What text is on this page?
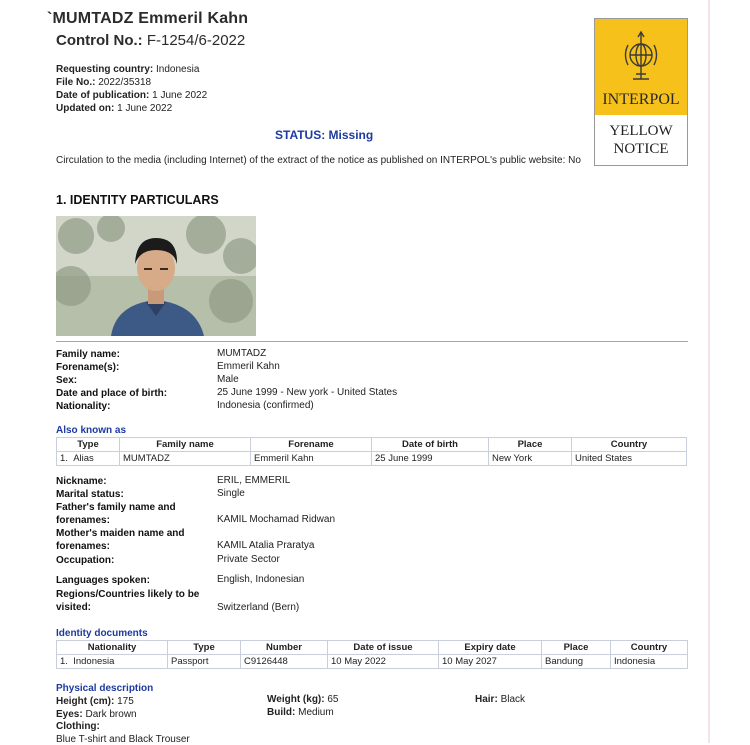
`MUMTADZ Emmeril Kahn
Control No.: F-1254/6-2022
Requesting country: Indonesia
File No.: 2022/35318
Date of publication: 1 June 2022
Updated on: 1 June 2022
STATUS: Missing
Circulation to the media (including Internet) of the extract of the notice as published on INTERPOL's public website: No
INTERPOL
YELLOW
NOTICE
1. IDENTITY PARTICULARS
Family name:	MUMTADZ
Forename(s):	Emmeril Kahn
Sex:	Male
Date and place of birth:	25 June 1999 - New york - United States
Nationality:	Indonesia (confirmed)
Also known as
Type	Family name	Forename	Date of birth	Place	Country
1. Alias	MUMTADZ	Emmeril Kahn	25 June 1999	New York	United States
Nickname:	ERIL, EMMERIL
Marital status:	Single
Father's family name and
forenames:	KAMIL Mochamad Ridwan
Mother's maiden name and
forenames:	KAMIL Atalia Praratya
Occupation:	Private Sector
Languages spoken:	English, Indonesian
Regions/Countries likely to be
visited:	Switzerland (Bern)
Identity documents
Nationality	Type	Number	Date of issue	Expiry date	Place	Country
1. Indonesia	Passport	C9126448	10 May 2022	10 May 2027	Bandung	Indonesia
Physical description
Height (cm): 175	Weight (kg): 65	Hair: Black
Eyes: Dark brown	Build: Medium
Clothing:
Blue T-shirt and Black Trouser
